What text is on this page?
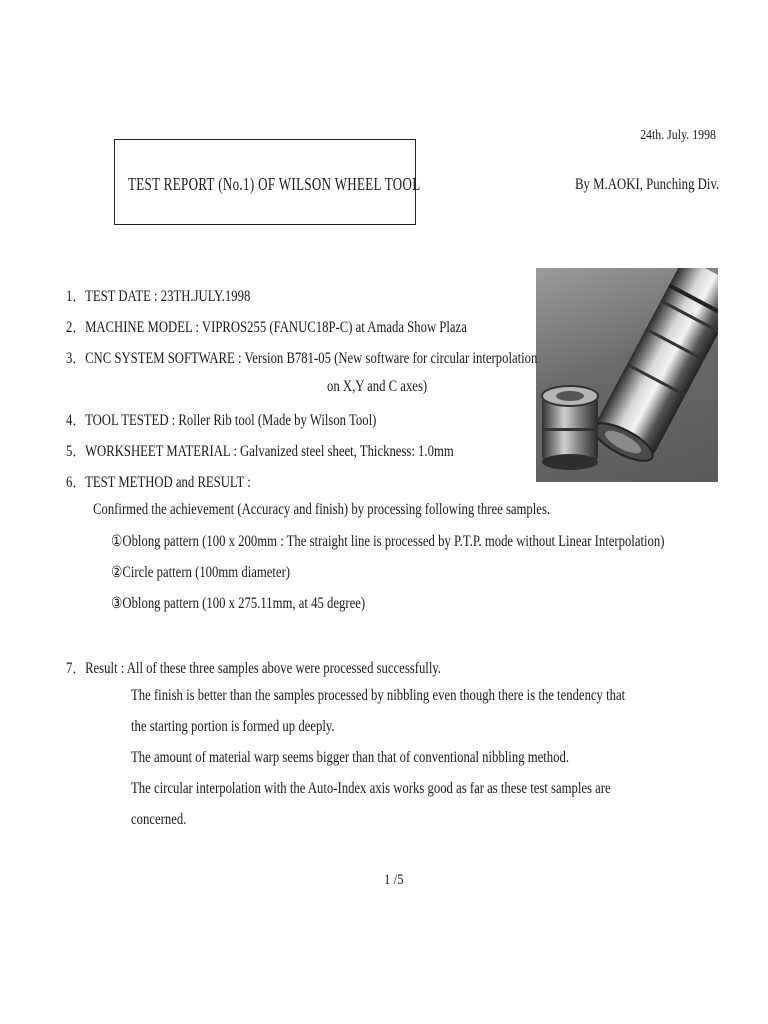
24th. July. 1998
TEST REPORT (No.1) OF WILSON WHEEL TOOL	By M.AOKI, Punching Div.
1．TEST DATE : 23TH.JULY.1998
2．MACHINE MODEL : VIPROS255 (FANUC18P-C) at Amada Show Plaza
3．CNC SYSTEM SOFTWARE : Version B781-05 (New software for circular interpolation
on X,Y and C axes)
4．TOOL TESTED : Roller Rib tool (Made by Wilson Tool)
5．WORKSHEET MATERIAL : Galvanized steel sheet, Thickness: 1.0mm
6．TEST METHOD and RESULT :
Confirmed the achievement (Accuracy and finish) by processing following three samples.
①Oblong pattern (100 x 200mm : The straight line is processed by P.T.P. mode without Linear Interpolation)
②Circle pattern (100mm diameter)
③Oblong pattern (100 x 275.11mm, at 45 degree)
7．Result : All of these three samples above were processed successfully.
The finish is better than the samples processed by nibbling even though there is the tendency that
the starting portion is formed up deeply.
The amount of material warp seems bigger than that of conventional nibbling method.
The circular interpolation with the Auto-Index axis works good as far as these test samples are
concerned.
1 /5
